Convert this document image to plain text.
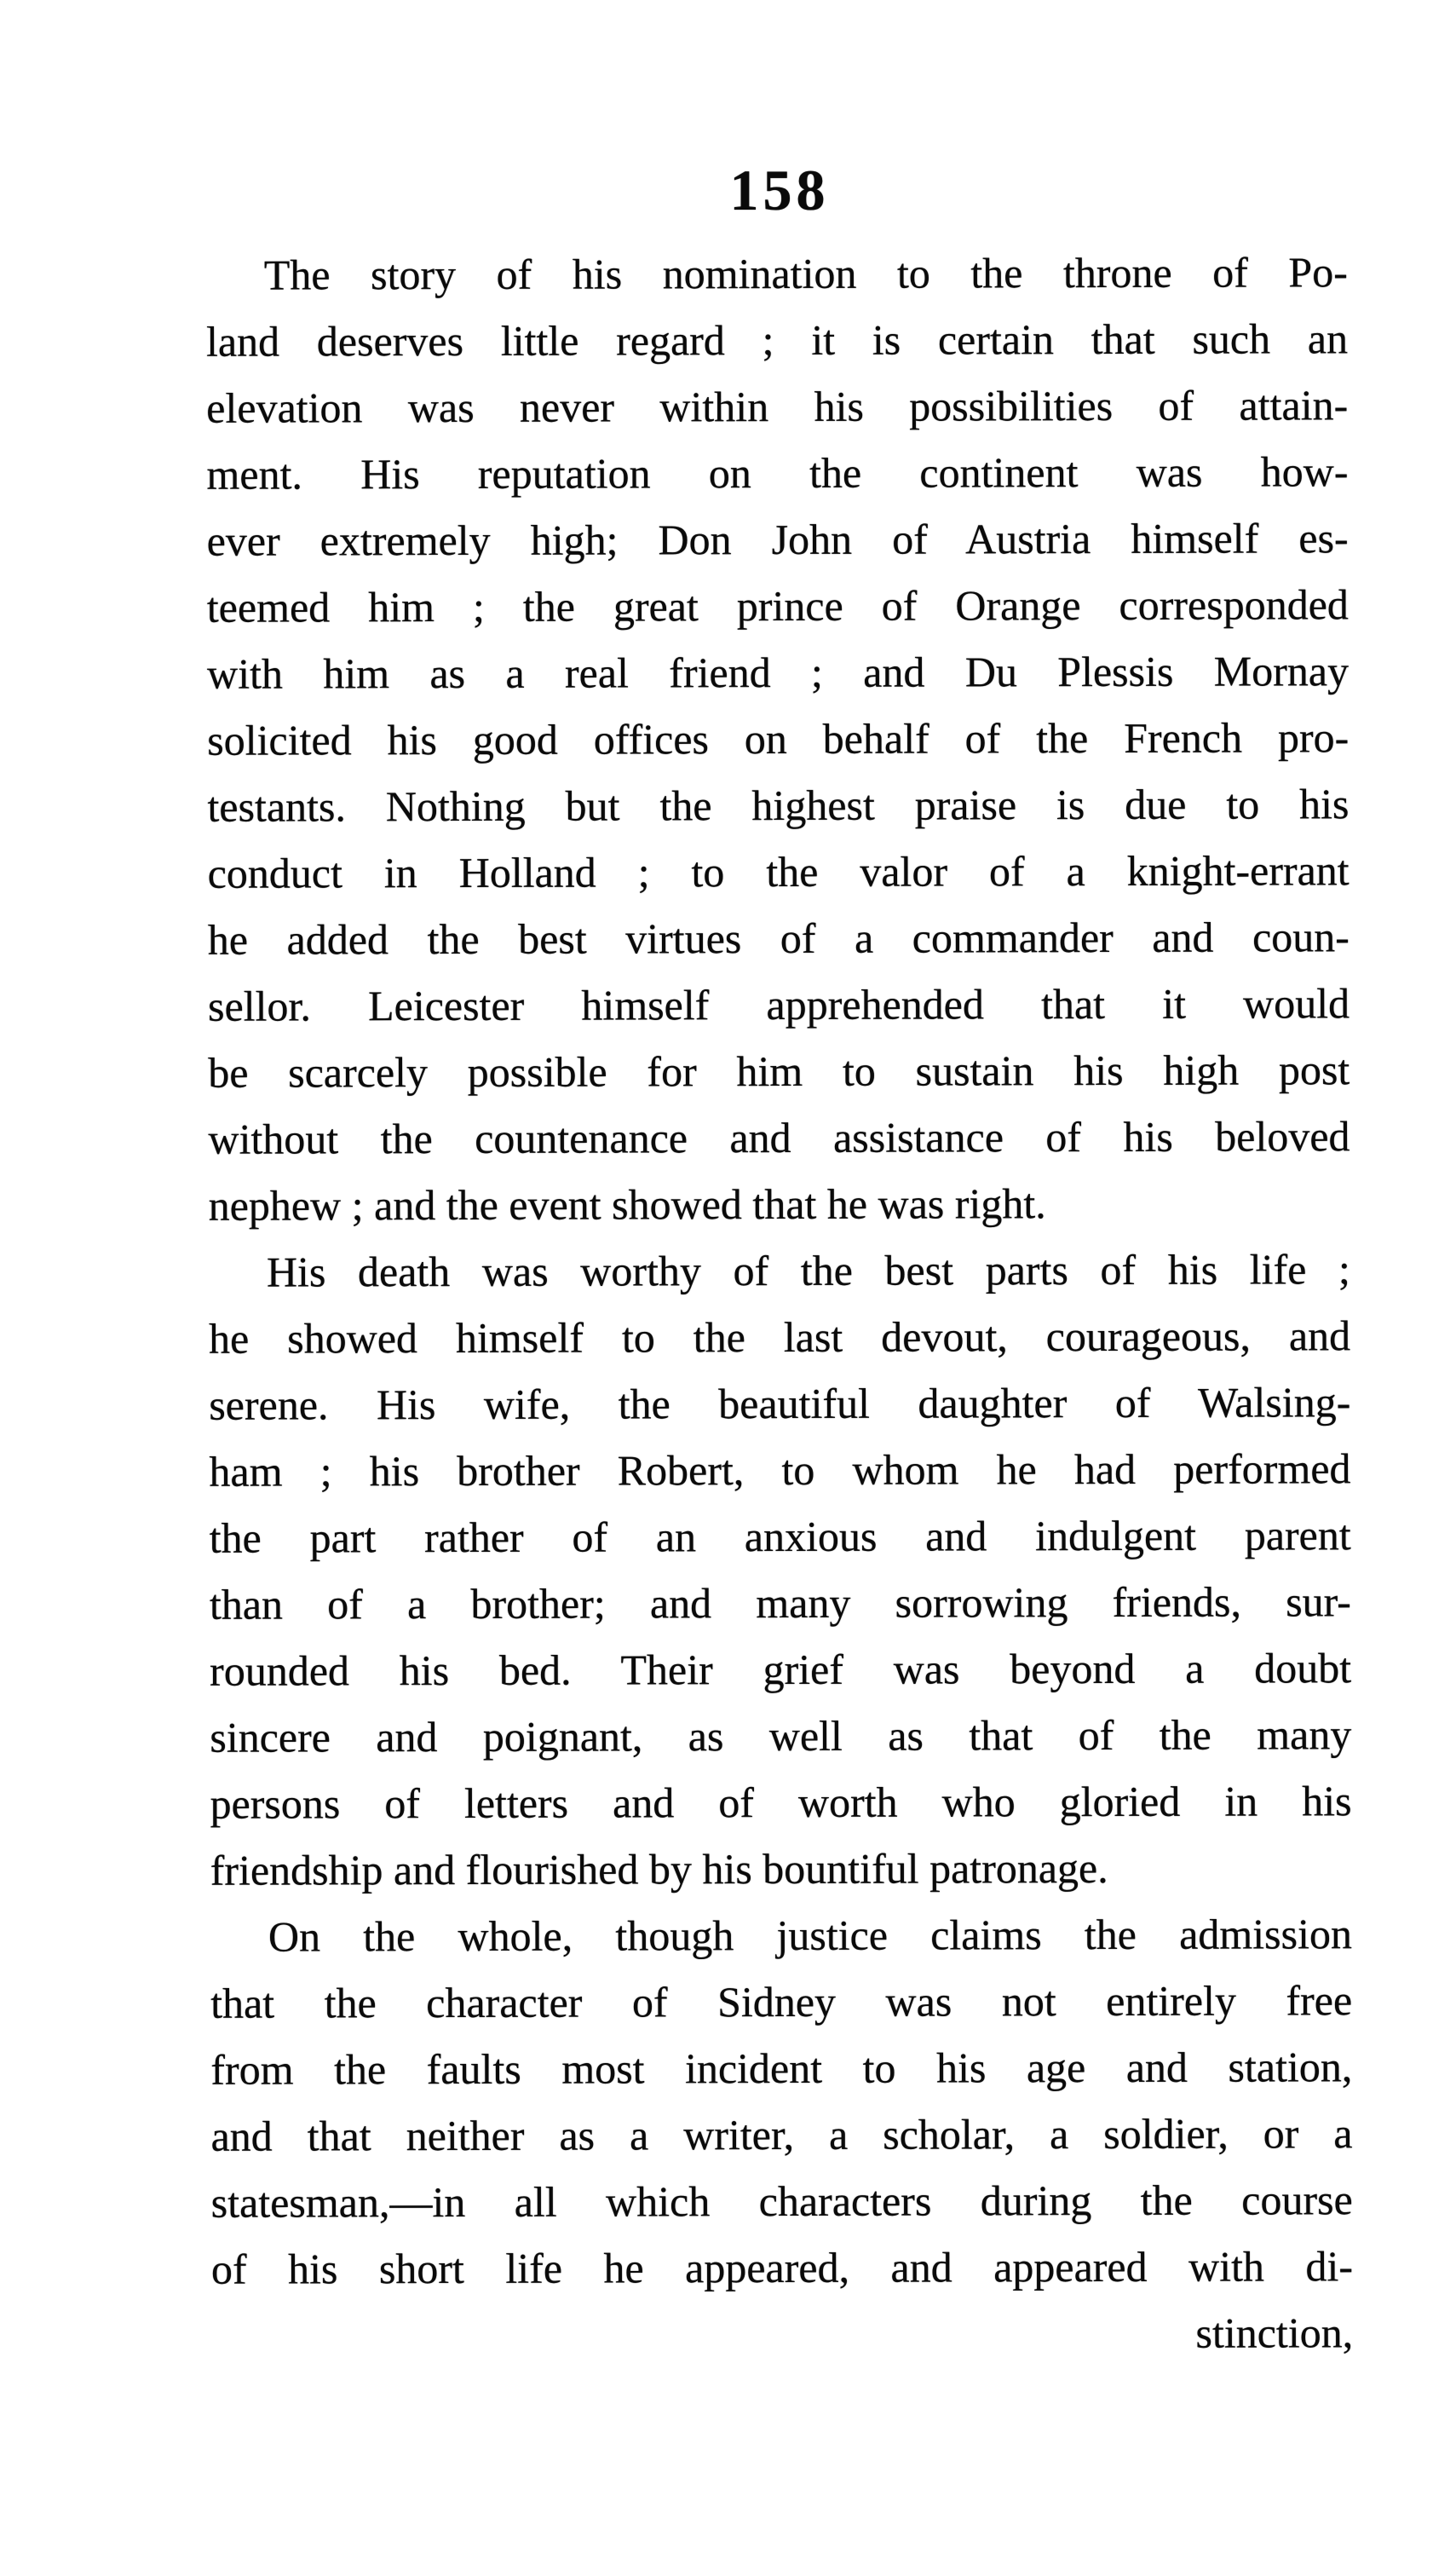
158
The story of his nomination to the throne of Po-
land deserves little regard ; it is certain that such an
elevation was never within his possibilities of attain-
ment. His reputation on the continent was how-
ever extremely high; Don John of Austria himself es-
teemed him ; the great prince of Orange corresponded
with him as a real friend ; and Du Plessis Mornay
solicited his good offices on behalf of the French pro-
testants. Nothing but the highest praise is due to his
conduct in Holland ; to the valor of a knight-errant
he added the best virtues of a commander and coun-
sellor. Leicester himself apprehended that it would
be scarcely possible for him to sustain his high post
without the countenance and assistance of his beloved
nephew ; and the event showed that he was right.
His death was worthy of the best parts of his life ;
he showed himself to the last devout, courageous, and
serene. His wife, the beautiful daughter of Walsing-
ham ; his brother Robert, to whom he had performed
the part rather of an anxious and indulgent parent
than of a brother; and many sorrowing friends, sur-
rounded his bed. Their grief was beyond a doubt
sincere and poignant, as well as that of the many
persons of letters and of worth who gloried in his
friendship and flourished by his bountiful patronage.
On the whole, though justice claims the admission
that the character of Sidney was not entirely free
from the faults most incident to his age and station,
and that neither as a writer, a scholar, a soldier, or a
statesman,—in all which characters during the course
of his short life he appeared, and appeared with di-
stinction,
